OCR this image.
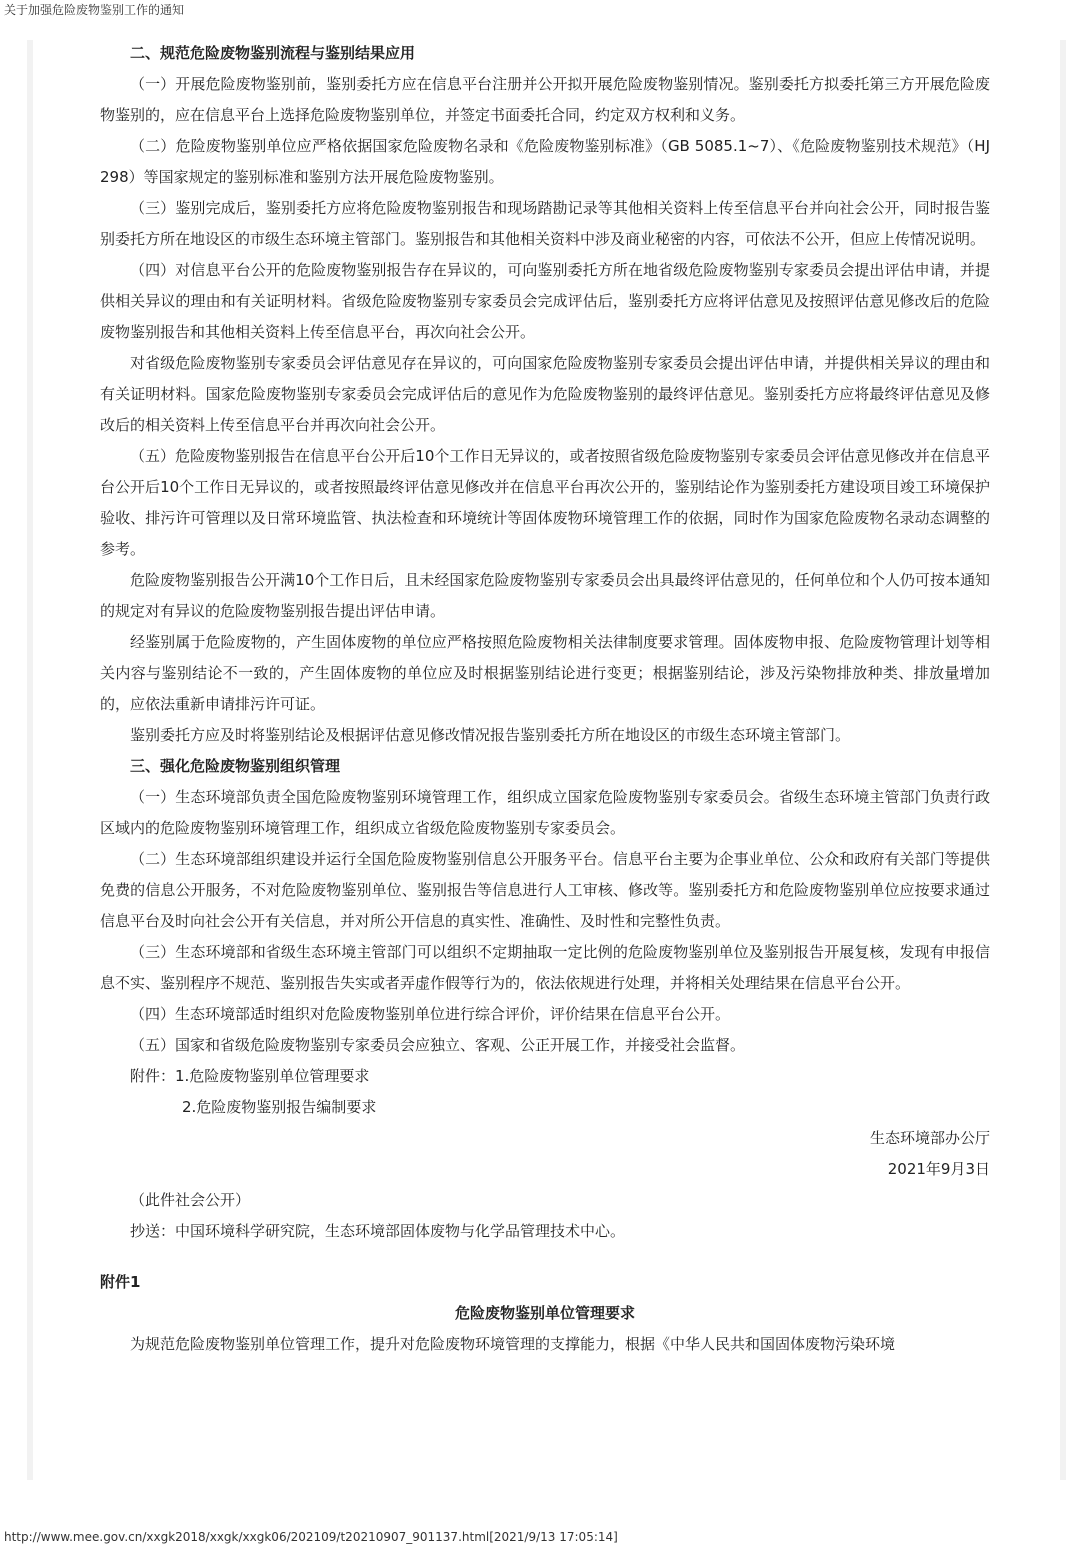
关于加强危险废物鉴别工作的通知

二、规范危险废物鉴别流程与鉴别结果应用

（一）开展危险废物鉴别前，鉴别委托方应在信息平台注册并公开拟开展危险废物鉴别情况。鉴别委托方拟委托第三方开展危险废物鉴别的，应在信息平台上选择危险废物鉴别单位，并签定书面委托合同，约定双方权利和义务。

（二）危险废物鉴别单位应严格依据国家危险废物名录和《危险废物鉴别标准》（GB 5085.1~7）、《危险废物鉴别技术规范》（HJ 298）等国家规定的鉴别标准和鉴别方法开展危险废物鉴别。

（三）鉴别完成后，鉴别委托方应将危险废物鉴别报告和现场踏勘记录等其他相关资料上传至信息平台并向社会公开，同时报告鉴别委托方所在地设区的市级生态环境主管部门。鉴别报告和其他相关资料中涉及商业秘密的内容，可依法不公开，但应上传情况说明。

（四）对信息平台公开的危险废物鉴别报告存在异议的，可向鉴别委托方所在地省级危险废物鉴别专家委员会提出评估申请，并提供相关异议的理由和有关证明材料。省级危险废物鉴别专家委员会完成评估后，鉴别委托方应将评估意见及按照评估意见修改后的危险废物鉴别报告和其他相关资料上传至信息平台，再次向社会公开。

对省级危险废物鉴别专家委员会评估意见存在异议的，可向国家危险废物鉴别专家委员会提出评估申请，并提供相关异议的理由和有关证明材料。国家危险废物鉴别专家委员会完成评估后的意见作为危险废物鉴别的最终评估意见。鉴别委托方应将最终评估意见及修改后的相关资料上传至信息平台并再次向社会公开。

（五）危险废物鉴别报告在信息平台公开后10个工作日无异议的，或者按照省级危险废物鉴别专家委员会评估意见修改并在信息平台公开后10个工作日无异议的，或者按照最终评估意见修改并在信息平台再次公开的，鉴别结论作为鉴别委托方建设项目竣工环境保护验收、排污许可管理以及日常环境监管、执法检查和环境统计等固体废物环境管理工作的依据，同时作为国家危险废物名录动态调整的参考。

危险废物鉴别报告公开满10个工作日后，且未经国家危险废物鉴别专家委员会出具最终评估意见的，任何单位和个人仍可按本通知的规定对有异议的危险废物鉴别报告提出评估申请。

经鉴别属于危险废物的，产生固体废物的单位应严格按照危险废物相关法律制度要求管理。固体废物申报、危险废物管理计划等相关内容与鉴别结论不一致的，产生固体废物的单位应及时根据鉴别结论进行变更；根据鉴别结论，涉及污染物排放种类、排放量增加的，应依法重新申请排污许可证。

鉴别委托方应及时将鉴别结论及根据评估意见修改情况报告鉴别委托方所在地设区的市级生态环境主管部门。

三、强化危险废物鉴别组织管理

（一）生态环境部负责全国危险废物鉴别环境管理工作，组织成立国家危险废物鉴别专家委员会。省级生态环境主管部门负责行政区域内的危险废物鉴别环境管理工作，组织成立省级危险废物鉴别专家委员会。

（二）生态环境部组织建设并运行全国危险废物鉴别信息公开服务平台。信息平台主要为企事业单位、公众和政府有关部门等提供免费的信息公开服务，不对危险废物鉴别单位、鉴别报告等信息进行人工审核、修改等。鉴别委托方和危险废物鉴别单位应按要求通过信息平台及时向社会公开有关信息，并对所公开信息的真实性、准确性、及时性和完整性负责。

（三）生态环境部和省级生态环境主管部门可以组织不定期抽取一定比例的危险废物鉴别单位及鉴别报告开展复核，发现有申报信息不实、鉴别程序不规范、鉴别报告失实或者弄虚作假等行为的，依法依规进行处理，并将相关处理结果在信息平台公开。

（四）生态环境部适时组织对危险废物鉴别单位进行综合评价，评价结果在信息平台公开。

（五）国家和省级危险废物鉴别专家委员会应独立、客观、公正开展工作，并接受社会监督。

附件：1.危险废物鉴别单位管理要求

2.危险废物鉴别报告编制要求

生态环境部办公厅

2021年9月3日

（此件社会公开）

抄送：中国环境科学研究院，生态环境部固体废物与化学品管理技术中心。

附件1

危险废物鉴别单位管理要求

为规范危险废物鉴别单位管理工作，提升对危险废物环境管理的支撑能力，根据《中华人民共和国固体废物污染环境

http://www.mee.gov.cn/xxgk2018/xxgk/xxgk06/202109/t20210907_901137.html[2021/9/13 17:05:14]
